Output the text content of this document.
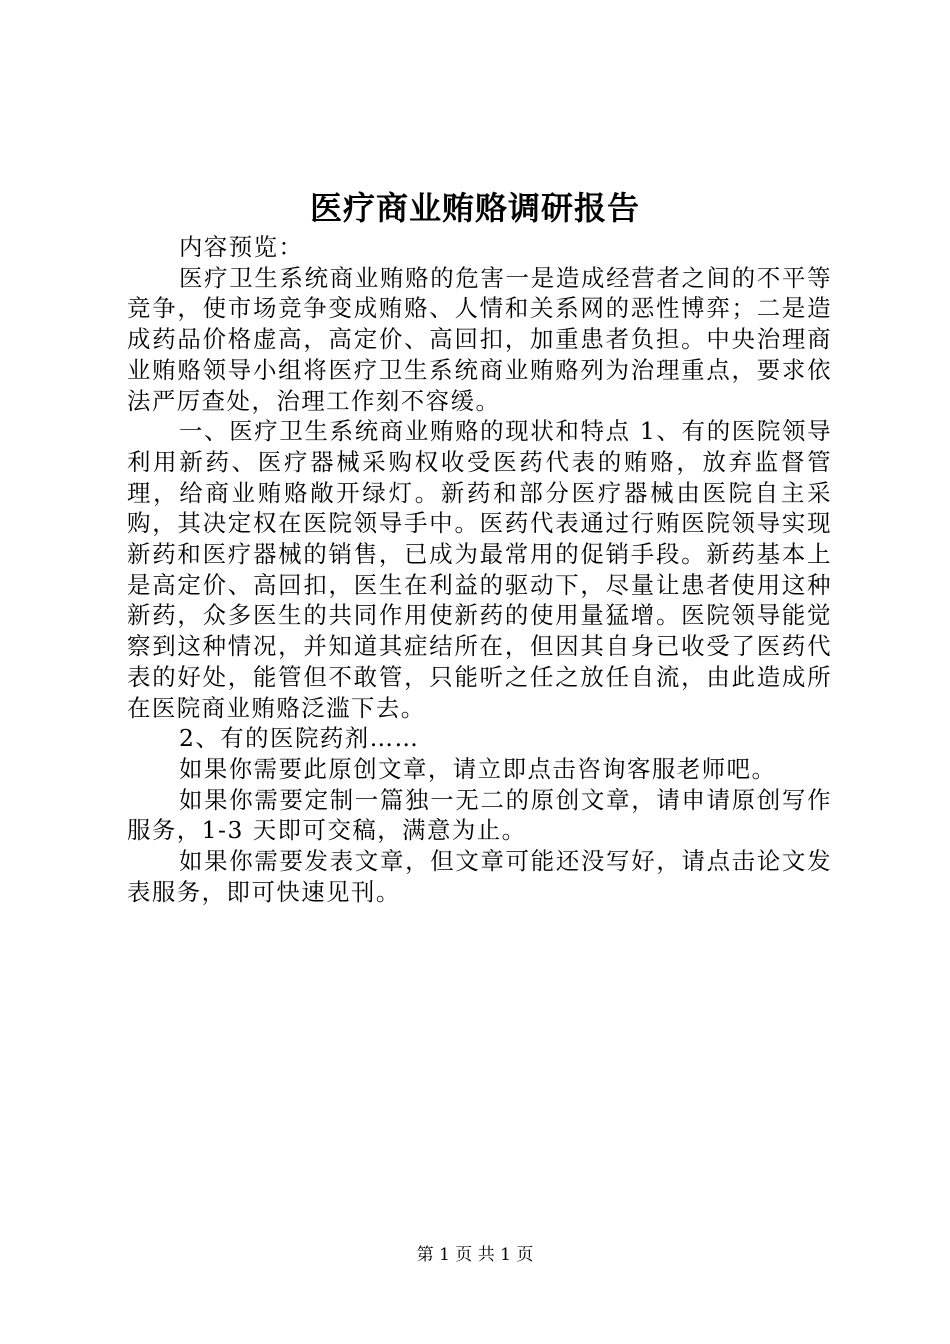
医疗商业贿赂调研报告

内容预览：

医疗卫生系统商业贿赂的危害一是造成经营者之间的不平等竞争，使市场竞争变成贿赂、人情和关系网的恶性博弈；二是造成药品价格虚高，高定价、高回扣，加重患者负担。中央治理商业贿赂领导小组将医疗卫生系统商业贿赂列为治理重点，要求依法严厉查处，治理工作刻不容缓。

一、医疗卫生系统商业贿赂的现状和特点 1、有的医院领导利用新药、医疗器械采购权收受医药代表的贿赂，放弃监督管理，给商业贿赂敞开绿灯。新药和部分医疗器械由医院自主采购，其决定权在医院领导手中。医药代表通过行贿医院领导实现新药和医疗器械的销售，已成为最常用的促销手段。新药基本上是高定价、高回扣，医生在利益的驱动下，尽量让患者使用这种新药，众多医生的共同作用使新药的使用量猛增。医院领导能觉察到这种情况，并知道其症结所在，但因其自身已收受了医药代表的好处，能管但不敢管，只能听之任之放任自流，由此造成所在医院商业贿赂泛滥下去。

2、有的医院药剂……

如果你需要此原创文章，请立即点击咨询客服老师吧。

如果你需要定制一篇独一无二的原创文章，请申请原创写作服务，1-3 天即可交稿，满意为止。

如果你需要发表文章，但文章可能还没写好，请点击论文发表服务，即可快速见刊。

第 1 页 共 1 页
